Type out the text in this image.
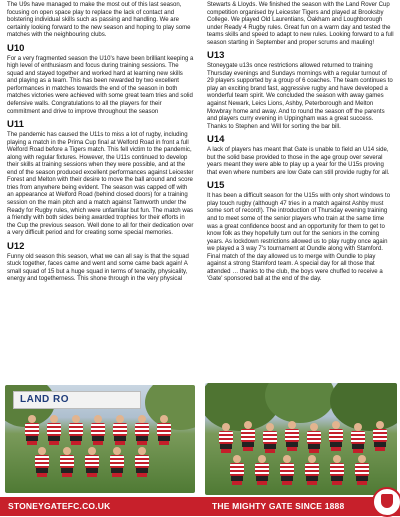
The U9s have managed to make the most out of this last season, focusing on open space play to replace the lack of contact and bolstering individual skills such as passing and handling. We are certainly looking forward to the new season and hoping to play some matches with the neighbouring clubs.

U10

For a very fragmented season the U10's have been brilliant keeping a high level of enthusiasm and focus during training sessions. The squad and stayed together and worked hard at learning new skills and playing as a team. This has been rewarded by two excellent performances in matches towards the end of the season in both matches victories were achieved with some great team tries and solid defensive walls. Congratulations to all the players for their commitment and drive to improve throughout the season

U11

The pandemic has caused the U11s to miss a lot of rugby, including playing a match in the Prima Cup final at Welford Road in front a full Welford Road before a Tigers match. This fell victim to the pandemic, along with regular fixtures. However, the U11s continued to develop their skills at training sessions when they were possible, and at the end of the season produced excellent performances against Leicester Forest and Melton with their desire to move the ball around and score tries from anywhere being evident. The season was capped off with an appearance at Welford Road (behind closed doors) for a training session on the main pitch and a match against Tamworth under the Ready for Rugby rules, which were unfamiliar but fun. The match was a friendly with both sides being awarded trophies for their efforts in the Cup the previous season. Well done to all for their dedication over a very difficult period and for creating some special memories.

U12

Funny old season this season, what we can all say is that the squad stuck together, faces came and went and some came back again! A small squad of 15 but a huge squad in terms of tenacity, physicality, energy and togetherness. This shone through in the very physical

Stewarts & Lloyds. We finished the season with the Land Rover Cup competition organised by Leicester Tigers and played at Brooksby College. We played Old Laurentians, Oakham and Loughborough under Ready 4 Rugby rules. Great fun on a warm day and tested the teams skills and speed to adapt to new rules. Looking forward to a full season starting in September and proper scrums and mauling!

U13

Stoneygate u13s once restrictions allowed returned to training Thursday evenings and Sundays mornings with a regular turnout of 29 players supported by a group of 6 coaches. The team continues to play an exciting brand fast, aggressive rugby and have developed a wonderful team spirit. We concluded the season with away games against Newark, Leics Lions, Ashby, Peterborough and Melton Mowbray home and away. And to round the season off the parents and players curry evening in Uppingham was a great success. Thanks to Stephen and Will for sorting the bar bill.

U14

A lack of players has meant that Gate is unable to field an U14 side, but the solid base provided to those in the age group over several years meant they were able to play up a year for the U15s proving that even where numbers are low Gate can still provide rugby for all.

U15

It has been a difficult season for the U15s with only short windows to play touch rugby (although 47 tries in a match against Ashby must some sort of record!). The introduction of Thursday evening training and to meet some of the senior players who train at the same time was a great confidence boost and an opportunity for them to get to know folk as they hopefully turn out for the seniors in the coming years. As lockdown restrictions allowed us to play rugby once again we played a 3 way 7's tournament at Oundle along with Stamford. Final match of the day allowed us to merge with Oundle to play against a strong Stamford team. A special day for all those that attended … thanks to the club, the boys were chuffed to receive a 'Gate' sponsored ball at the end of the day.

LAND RO
STONEYGATEFC.CO.UK	THE MIGHTY GATE SINCE 1888
